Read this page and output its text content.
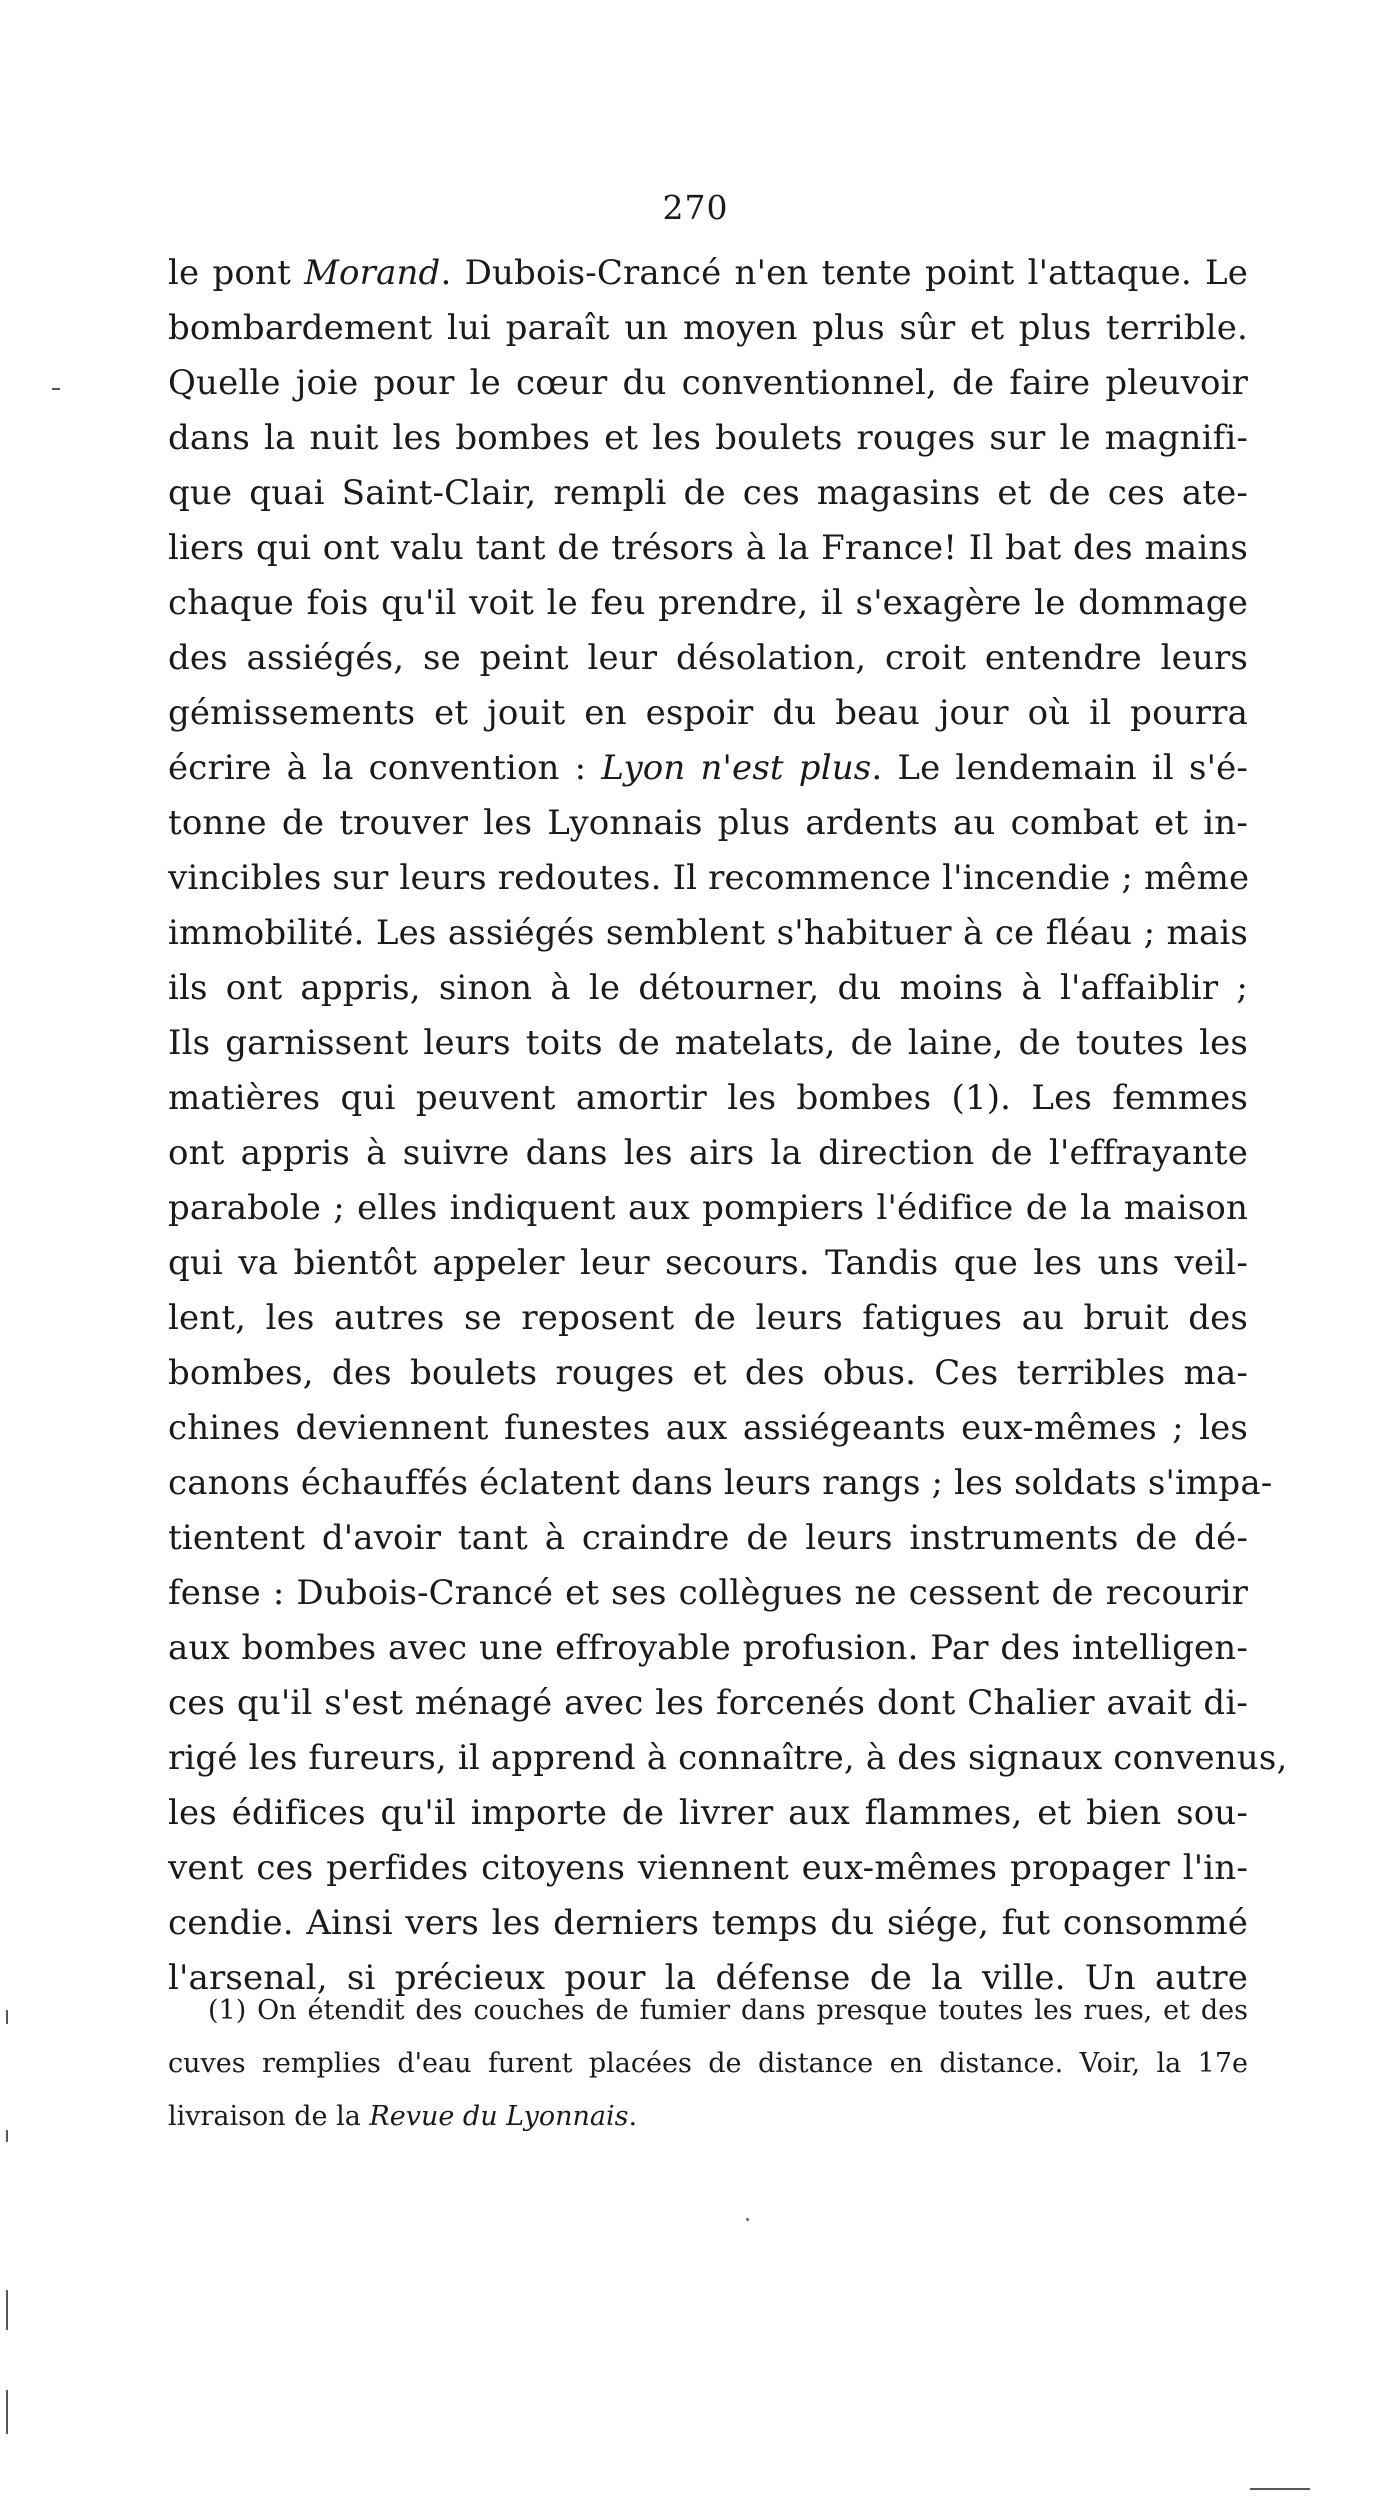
270
le pont Morand. Dubois-Crancé n'en tente point l'attaque. Le
bombardement lui paraît un moyen plus sûr et plus terrible.
Quelle joie pour le cœur du conventionnel, de faire pleuvoir
dans la nuit les bombes et les boulets rouges sur le magnifi-
que quai Saint-Clair, rempli de ces magasins et de ces ate-
liers qui ont valu tant de trésors à la France! Il bat des mains
chaque fois qu'il voit le feu prendre, il s'exagère le dommage
des assiégés, se peint leur désolation, croit entendre leurs
gémissements et jouit en espoir du beau jour où il pourra
écrire à la convention : Lyon n'est plus. Le lendemain il s'é-
tonne de trouver les Lyonnais plus ardents au combat et in-
vincibles sur leurs redoutes. Il recommence l'incendie ; même
immobilité. Les assiégés semblent s'habituer à ce fléau ; mais
ils ont appris, sinon à le détourner, du moins à l'affaiblir ;
Ils garnissent leurs toits de matelats, de laine, de toutes les
matières qui peuvent amortir les bombes (1). Les femmes
ont appris à suivre dans les airs la direction de l'effrayante
parabole ; elles indiquent aux pompiers l'édifice de la maison
qui va bientôt appeler leur secours. Tandis que les uns veil-
lent, les autres se reposent de leurs fatigues au bruit des
bombes, des boulets rouges et des obus. Ces terribles ma-
chines deviennent funestes aux assiégeants eux-mêmes ; les
canons échauffés éclatent dans leurs rangs ; les soldats s'impa-
tientent d'avoir tant à craindre de leurs instruments de dé-
fense : Dubois-Crancé et ses collègues ne cessent de recourir
aux bombes avec une effroyable profusion. Par des intelligen-
ces qu'il s'est ménagé avec les forcenés dont Chalier avait di-
rigé les fureurs, il apprend à connaître, à des signaux convenus,
les édifices qu'il importe de livrer aux flammes, et bien sou-
vent ces perfides citoyens viennent eux-mêmes propager l'in-
cendie. Ainsi vers les derniers temps du siége, fut consommé
l'arsenal, si précieux pour la défense de la ville. Un autre
(1) On étendit des couches de fumier dans presque toutes les rues, et des
cuves remplies d'eau furent placées de distance en distance. Voir, la 17e
livraison de la Revue du Lyonnais.
